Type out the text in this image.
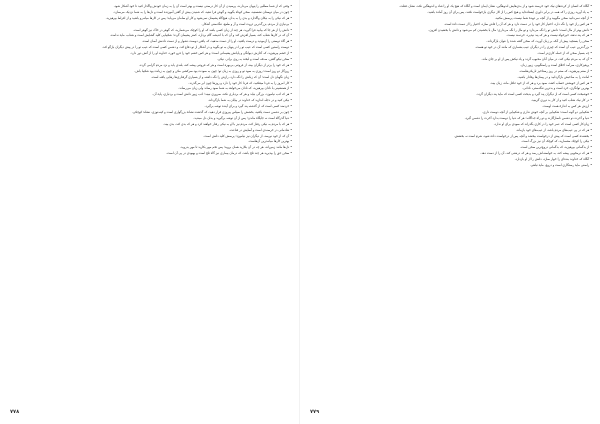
• وقتی که از شما مطلبی را پنهان می‌دارند، پرسیدن از آن کار درستی نیست و بهتر است آن را به زمان خودش واگذار کنید تا خود آشکار شود.

• چون در میان دوستان نشستید، سخن کوتاه بگویید و گوش فرا دهید، که شنیدن بیش از گفتن آموزنده است و دل‌ها را به شما نزدیک می‌سازد.

• هر که نیکی را به نیکان واگذارد و بدی را به بدان، هیچ‌گاه پشیمان نمی‌شود و کار او سامان می‌یابد؛ پس در کارها میانه‌رو باشید و از افراط بپرهیزید.

• بی‌نیازی از مردم، بزرگ‌ترین ثروت است و آز و طمع، تنگدستی آشکار.

• دانش را از هر جا که بیابید فرا گیرید، هر چند از زبان کسی باشد که او را کوچک می‌شمارید، که گوهر در خاک نیز گوهر است.

• آن که در کارها شتاب کند، بسیار لغزش کند و آن که با اندیشه گام بردارد، کمتر پشیمان گردد؛ شکیبایی کلید گشایش است و شتاب، مایهٔ ندامت.

• هر گاه دوستی را آزمودید و درست یافتید، او را از دست مدهید، که یافتن دوست دشوار و از دست دادنش آسان است.

• دوست راستین کسی است که عیب تو را در پنهان به تو بگوید و در آشکار از تو دفاع کند، و دشمن کسی است که عیب تو را در پیش دیگران بازگو کند.

• از خشم بپرهیزید، که آغازش دیوانگی و پایانش پشیمانی است؛ و هر کس خشم خود را فرو خورد، خداوند او را از آتش دور دارد.

• سخن نیکو گفتن، صدقه است و لبخند به روی برادر، نیکی.

• هر که خود را برتر از دیگران بیند، از فروتنی بی‌بهره است و هر که فروتنی پیشه کند، بلندی یابد و نزد مردم گرامی گردد.

• روزگار دو روز است: روزی به سود تو و روزی به زیان تو؛ چون به سودت بود سرکشی مکن و چون به زیانت بود شکیبا باش.

• زبان نگهبان دل است؛ آن که زبانش را نگه دارد، رازش را نگه داشته و از بسیاری گرفتاری‌ها رهایی یافته است.

• کار امروز را به فردا میفکنید، که فردا کار خود را دارد و روزها چون ابر می‌گذرند.

• از همنشینی با نادان بپرهیزید، که نادان می‌خواهد به شما سود رساند ولی زیان می‌رساند.

• هر که ادب نیاموزد، بزرگی نیابد و هر که بردباری نکند، سروری نبیند؛ ادب زیور دانش است و بردباری، پایهٔ آن.

• نیکی کنید و در دجله اندازید که خداوند در بیابان به شما بازگرداند.

• خردمند کسی است که از گذشته پند گیرد و برای آینده توشه برگیرد.

• چون بر دشمن دست یافتید، بخشش را سپاس پیروزی قرار دهید، که گذشت نشانهٔ بزرگواری است و کینه‌توزی، نشانهٔ کوچکی.

• دنیا گذرگاه است نه جایگاه ماندن؛ پس از آن توشه برگیرید و بدان دل مبندید.

• هر که با مردم به نیکی رفتار کند، مردم نیز با او به نیکی رفتار خواهند کرد و هر که بدی کند، بدی بیند.

• شادمانی در خرسندی است و آسایش در قناعت.

• آن که از خود نپرسد، از دیگران نیز نیاموزد؛ پرسش کلید دانش است.

• بهترین کارها میانه‌ترین آن‌هاست.

• دل‌ها مانند زمین‌اند، هر چه در آن بکارید همان بروید؛ پس تخم مهر بکارید تا مهر بدروید.

• سخن حق را بپذیرید هر چند تلخ باشد، که درمان بیماری نیز گاه تلخ است و بهبودی در پی آن است.

۷۷۸

• آنگاه که انسان از کرده‌های نیک خود خرسند شود و از بدی‌هایش اندوهگین، نشان ایمان است و آنگاه که هیچ یک او را شاد و اندوهگین نکند، نشان غفلت.

• به یاد آورید روزی را که همه در برابر داوری ایستاده‌اید و هیچ کس را از کار دیگری بازخواست نکنند، پس برای آن روز آماده باشید.

• از آنچه نمی‌دانید سخن مگویید و از آنچه بر عهدهٔ شما نیست، پرسش مکنید.

• هر کس راز خود را نگه دارد، اختیار کار خود را در دست دارد و هر که آن را فاش سازد، اختیار را از دست داده است.

• دانش بهتر از مال است؛ دانش تو را نگه می‌دارد و تو مال را نگه می‌داری؛ مال با بخشیدن کم می‌شود و دانش با بخشیدن افزون.

• هر که پند ندهد، خیرخواه نیست و هر که پند نپذیرد، خردمند نیست.

• سخن را بسنجید پیش از آنکه بر زبان آورید، که سخن گفته شده را نتوان بازگرداند.

• بزرگ‌ترین عیب آن است که چیزی را در دیگران عیب بشماری که مانند آن در خود تو هست.

• چه بسیار سخن که از حمله کاری‌تر است.

• آن که به مردم نیکی کند، در میان آنان محبوب گردد و یاد نیکش پس از او بر جای ماند.

• پرهیزکاری، سرآمد اخلاق است و راستگویی، زیور زبان.

• از ستم بپرهیزید، که ستم در روز رستاخیز تاریکی‌هاست.

• امانت را به صاحبش بازگردانید و در پیمان‌ها وفادار باشید.

• هر کس از خویشتن حساب کشد، سود برد و هر که از خود غافل ماند، زیان بیند.

• بهترین توانگری، خرد است و بدترین تنگدستی، نادانی.

• خوشبخت کسی است که از دیگران پند گیرد و بدبخت کسی است که مایهٔ پند دیگران گردد.

• در کار نیک شتاب کنید و از کار بد دوری گزینید.

• ارزش هر کس به اندازهٔ همت اوست.

• شکیبایی دو گونه است: شکیبایی بر آنچه خوش نداری و شکیبایی از آنچه دوست داری.

• دنیا و آخرت دو دشمن ناسازگارند و دو راه جداگانه؛ هر که دنیا را دوست بدارد آخرت را دشمن گیرد.

• زیان‌کار کسی است که عمر خود را در کاری بگذراند که سودی برای او ندارد.

• هر که در پی عیب‌های مردم باشد، از عیب‌های خود بازماند.

• بخشنده کسی است که پیش از درخواست ببخشد و آنچه پس از درخواست داده شود، شرم است نه بخشش.

• نیکی را کوچک مشمارید، که کوچک آن نیز بزرگ است.

• از بدگمانی بپرهیزید، که بدگمانی دروغ‌ترین سخن است.

• هر که نرمخویی پیشه کند، به خواسته‌اش رسد و هر که درشتی کند، آن را از دست دهد.

• آنگاه که خداوند بنده‌ای را خوار سازد، دانش را از او بازدارد.

• راستی مایهٔ رستگاری است و دروغ، مایهٔ تباهی.

۷۷۹
